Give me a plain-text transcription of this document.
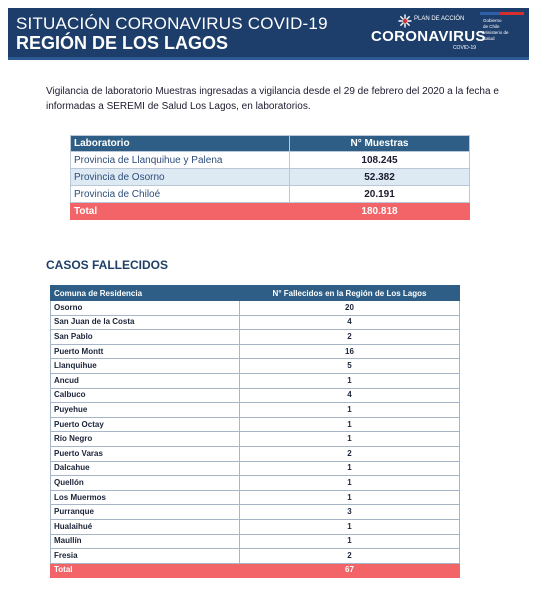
SITUACIÓN CORONAVIRUS COVID-19
REGIÓN DE LOS LAGOS
PLAN DE ACCIÓN
CORONAVIRUS
COVID-19
Gobierno
de Chile
Ministerio de
Salud
Vigilancia de laboratorio Muestras ingresadas a vigilancia desde el 29 de febrero del 2020 a la fecha e informadas a SEREMI de Salud Los Lagos, en laboratorios.
Laboratorio	N° Muestras
Provincia de Llanquihue y Palena	108.245
Provincia de Osorno	52.382
Provincia de Chiloé	20.191
Total	180.818
CASOS FALLECIDOS
Comuna de Residencia	N° Fallecidos en la Región de Los Lagos
Osorno	20
San Juan de la Costa	4
San Pablo	2
Puerto Montt	16
Llanquihue	5
Ancud	1
Calbuco	4
Puyehue	1
Puerto Octay	1
Río Negro	1
Puerto Varas	2
Dalcahue	1
Quellón	1
Los Muermos	1
Purranque	3
Hualaihué	1
Maullín	1
Fresia	2
Total	67
